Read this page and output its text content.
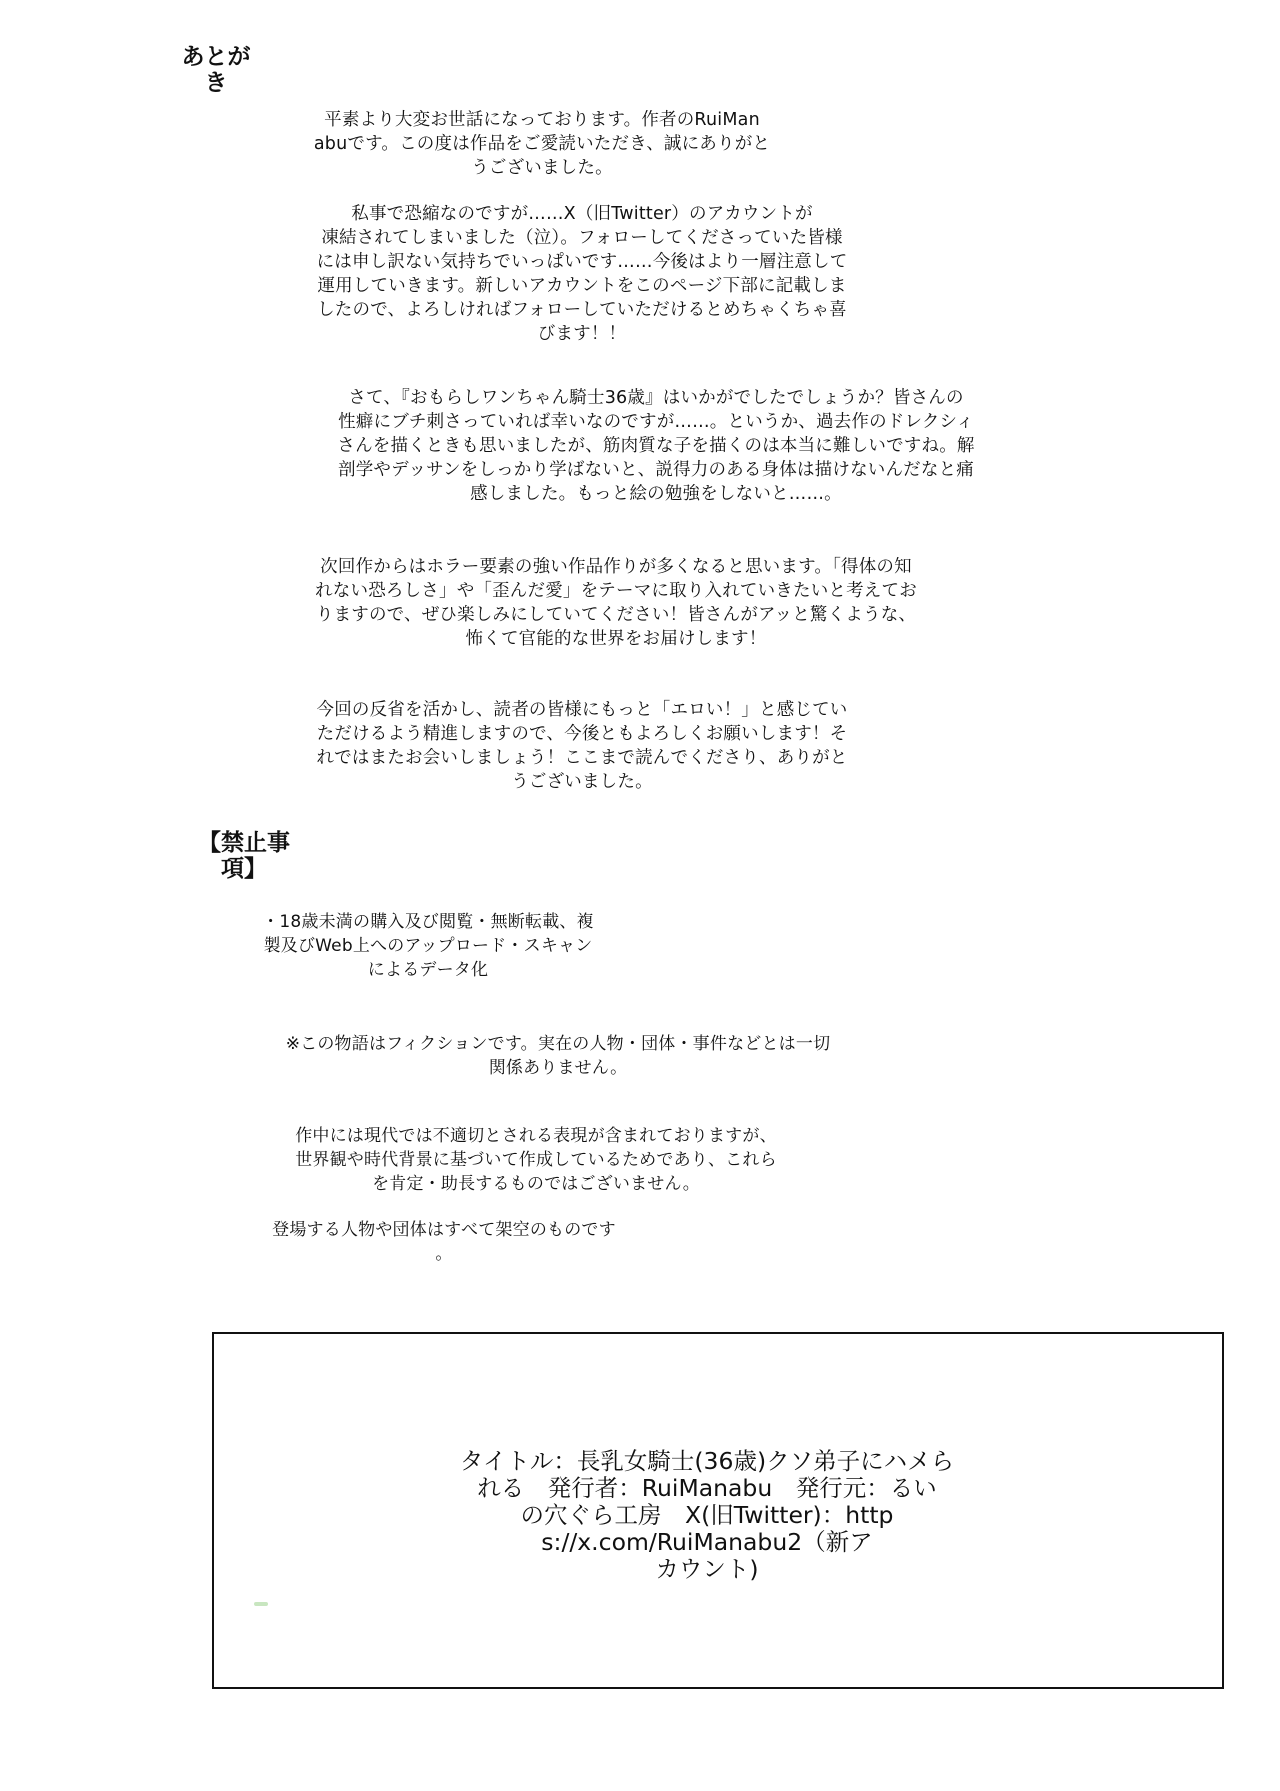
あとが
き

平素より大変お世話になっております。作者のRuiMan
abuです。この度は作品をご愛読いただき、誠にありがと
うございました。

私事で恐縮なのですが……X（旧Twitter）のアカウントが
凍結されてしまいました（泣）。フォローしてくださっていた皆様
には申し訳ない気持ちでいっぱいです……今後はより一層注意して
運用していきます。新しいアカウントをこのページ下部に記載しま
したので、よろしければフォローしていただけるとめちゃくちゃ喜
びます！！

さて、『おもらしワンちゃん騎士36歳』はいかがでしたでしょうか？皆さんの
性癖にブチ刺さっていれば幸いなのですが……。というか、過去作のドレクシィ
さんを描くときも思いましたが、筋肉質な子を描くのは本当に難しいですね。解
剖学やデッサンをしっかり学ばないと、説得力のある身体は描けないんだなと痛
感しました。もっと絵の勉強をしないと……。

次回作からはホラー要素の強い作品作りが多くなると思います。「得体の知
れない恐ろしさ」や「歪んだ愛」をテーマに取り入れていきたいと考えてお
りますので、ぜひ楽しみにしていてください！皆さんがアッと驚くような、
怖くて官能的な世界をお届けします！

今回の反省を活かし、読者の皆様にもっと「エロい！」と感じてい
ただけるよう精進しますので、今後ともよろしくお願いします！そ
れではまたお会いしましょう！ここまで読んでくださり、ありがと
うございました。

【禁止事
項】

・18歳未満の購入及び閲覧・無断転載、複
製及びWeb上へのアップロード・スキャン
によるデータ化

※この物語はフィクションです。実在の人物・団体・事件などとは一切
関係ありません。

作中には現代では不適切とされる表現が含まれておりますが、
世界観や時代背景に基づいて作成しているためであり、これら
を肯定・助長するものではございません。

登場する人物や団体はすべて架空のものです
。

タイトル：長乳女騎士(36歳)クソ弟子にハメら
れる　発行者：RuiManabu　発行元：るい
の穴ぐら工房　X(旧Twitter)：http
s://x.com/RuiManabu2（新ア
カウント)
